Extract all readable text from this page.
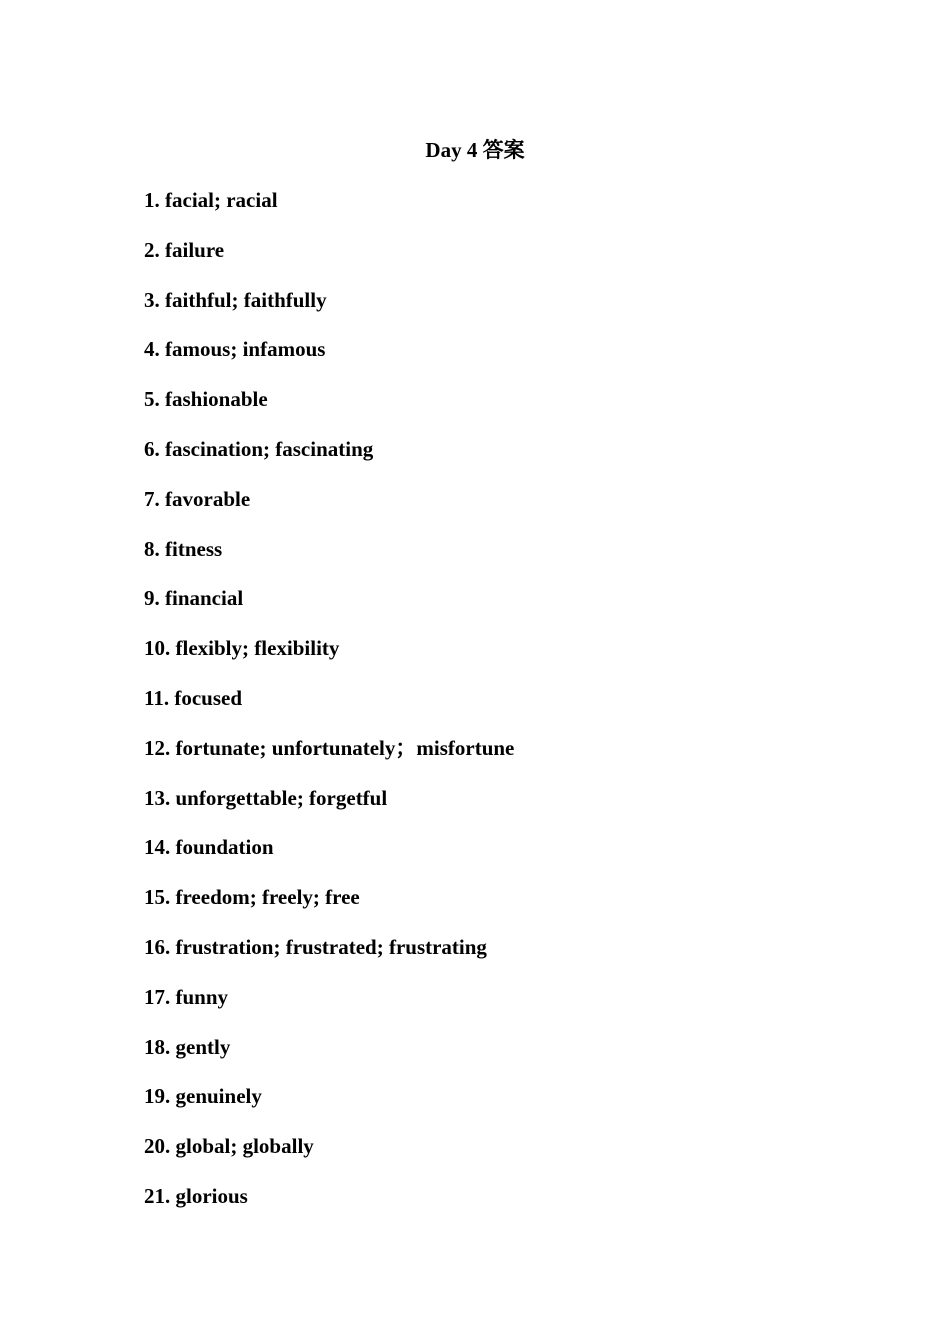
Day 4 答案
1. facial; racial
2. failure
3. faithful; faithfully
4. famous; infamous
5. fashionable
6. fascination; fascinating
7. favorable
8. fitness
9. financial
10. flexibly; flexibility
11. focused
12. fortunate; unfortunately；misfortune
13. unforgettable; forgetful
14. foundation
15. freedom; freely; free
16. frustration; frustrated; frustrating
17. funny
18. gently
19. genuinely
20. global; globally
21. glorious
